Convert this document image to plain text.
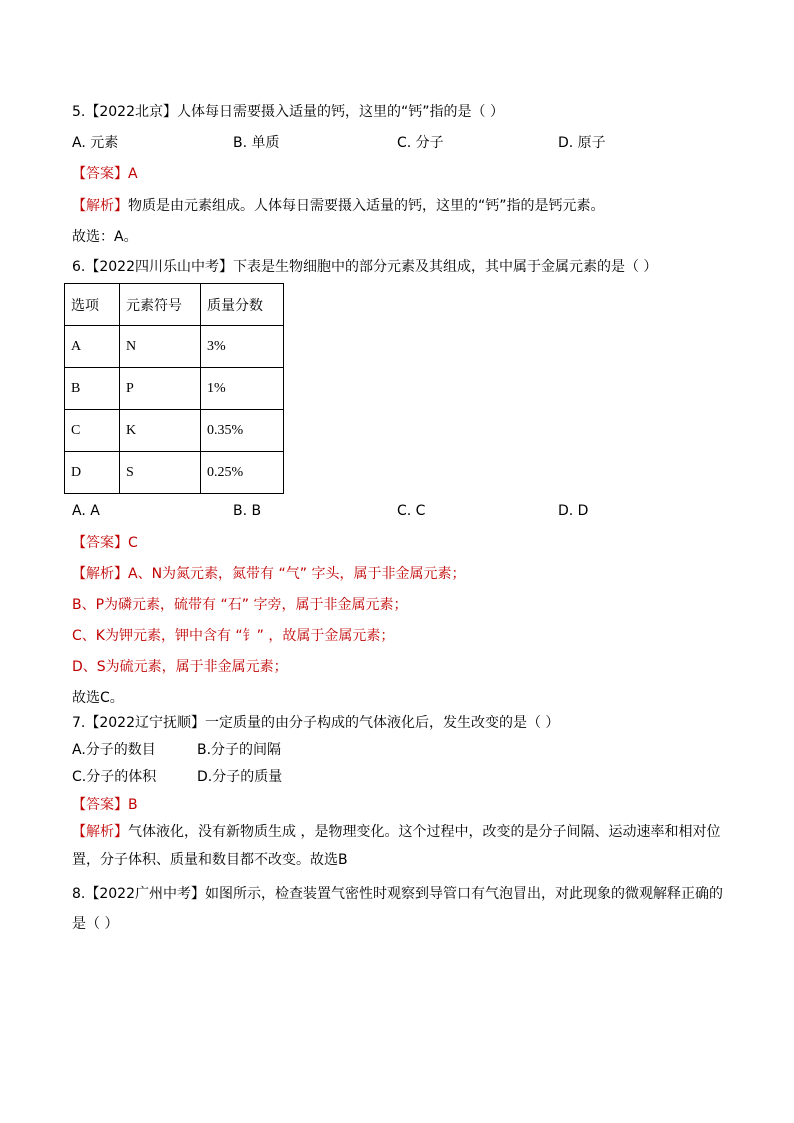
5.【2022北京】人体每日需要摄入适量的钙，这里的“钙”指的是（ ）
A. 元素	B. 单质	C. 分子	D. 原子
【答案】A
【解析】物质是由元素组成。人体每日需要摄入适量的钙，这里的“钙”指的是钙元素。
故选：A。
6.【2022四川乐山中考】下表是生物细胞中的部分元素及其组成，其中属于金属元素的是（ ）
选项	元素符号	质量分数
A	N	3%
B	P	1%
C	K	0.35%
D	S	0.25%
A. A	B. B	C. C	D. D
【答案】C
【解析】A、N为氮元素，氮带有 “气” 字头，属于非金属元素；
B、P为磷元素，硫带有 “石” 字旁，属于非金属元素；
C、K为钾元素，钾中含有 “钅” ，故属于金属元素；
D、S为硫元素，属于非金属元素；
故选C。
7.【2022辽宁抚顺】一定质量的由分子构成的气体液化后，发生改变的是（ ）
A.分子的数目	B.分子的间隔
C.分子的体积	D.分子的质量
【答案】B
【解析】气体液化，没有新物质生成 ，是物理变化。这个过程中，改变的是分子间隔、运动速率和相对位
置，分子体积、质量和数目都不改变。故选B
8.【2022广州中考】如图所示，检查装置气密性时观察到导管口有气泡冒出，对此现象的微观解释正确的
是（ ）
